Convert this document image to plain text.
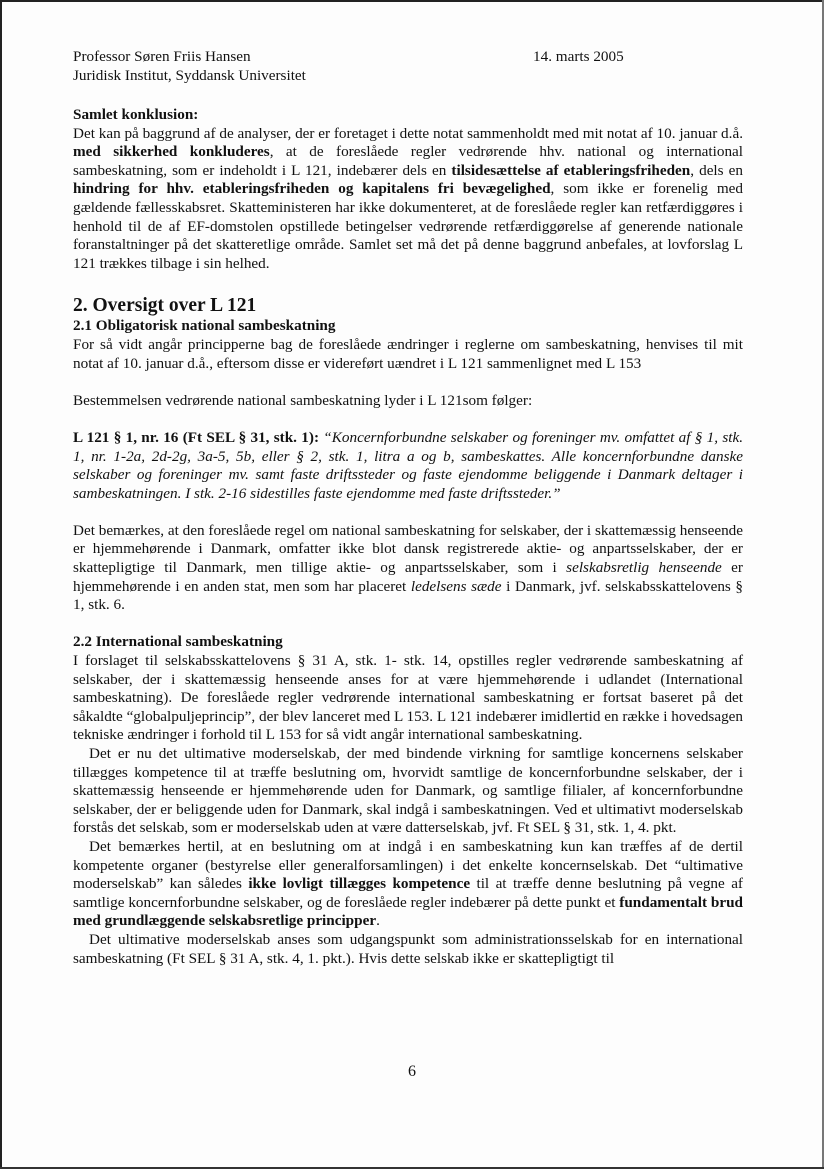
Professor Søren Friis Hansen
Juridisk Institut, Syddansk Universitet
14. marts 2005
Samlet konklusion:

Det kan på baggrund af de analyser, der er foretaget i dette notat sammenholdt med mit notat af 10. januar d.å. med sikkerhed konkluderes, at de foreslåede regler vedrørende hhv. national og international sambeskatning, som er indeholdt i L 121, indebærer dels en tilsidesættelse af etableringsfriheden, dels en hindring for hhv. etableringsfriheden og kapitalens fri bevægelighed, som ikke er forenelig med gældende fællesskabsret. Skatteministeren har ikke dokumenteret, at de foreslåede regler kan retfærdiggøres i henhold til de af EF-domstolen opstillede betingelser vedrørende retfærdiggørelse af generende nationale foranstaltninger på det skatteretlige område. Samlet set må det på denne baggrund anbefales, at lovforslag L 121 trækkes tilbage i sin helhed.

2. Oversigt over L 121
2.1 Obligatorisk national sambeskatning

For så vidt angår principperne bag de foreslåede ændringer i reglerne om sambeskatning, henvises til mit notat af 10. januar d.å., eftersom disse er videreført uændret i L 121 sammenlignet med L 153

Bestemmelsen vedrørende national sambeskatning lyder i L 121som følger:

L 121 § 1, nr. 16 (Ft SEL § 31, stk. 1): “Koncernforbundne selskaber og foreninger mv. omfattet af § 1, stk. 1, nr. 1-2a, 2d-2g, 3a-5, 5b, eller § 2, stk. 1, litra a og b, sambeskattes. Alle koncernforbundne danske selskaber og foreninger mv. samt faste driftssteder og faste ejendomme beliggende i Danmark deltager i sambeskatningen. I stk. 2-16 sidestilles faste ejendomme med faste driftssteder.”

Det bemærkes, at den foreslåede regel om national sambeskatning for selskaber, der i skattemæssig henseende er hjemmehørende i Danmark, omfatter ikke blot dansk registrerede aktie- og anpartsselskaber, der er skattepligtige til Danmark, men tillige aktie- og anpartsselskaber, som i selskabsretlig henseende er hjemmehørende i en anden stat, men som har placeret ledelsens sæde i Danmark, jvf. selskabsskattelovens § 1, stk. 6.

2.2 International sambeskatning

I forslaget til selskabsskattelovens § 31 A, stk. 1- stk. 14, opstilles regler vedrørende sambeskatning af selskaber, der i skattemæssig henseende anses for at være hjemmehørende i udlandet (International sambeskatning). De foreslåede regler vedrørende international sambeskatning er fortsat baseret på det såkaldte “globalpuljeprincip”, der blev lanceret med L 153. L 121 indebærer imidlertid en række i hovedsagen tekniske ændringer i forhold til L 153 for så vidt angår international sambeskatning.

Det er nu det ultimative moderselskab, der med bindende virkning for samtlige koncernens selskaber tillægges kompetence til at træffe beslutning om, hvorvidt samtlige de koncernforbundne selskaber, der i skattemæssig henseende er hjemmehørende uden for Danmark, og samtlige filialer, af koncernforbundne selskaber, der er beliggende uden for Danmark, skal indgå i sambeskatningen. Ved et ultimativt moderselskab forstås det selskab, som er moderselskab uden at være datterselskab, jvf. Ft SEL § 31, stk. 1, 4. pkt.

Det bemærkes hertil, at en beslutning om at indgå i en sambeskatning kun kan træffes af de dertil kompetente organer (bestyrelse eller generalforsamlingen) i det enkelte koncernselskab. Det “ultimative moderselskab” kan således ikke lovligt tillægges kompetence til at træffe denne beslutning på vegne af samtlige koncernforbundne selskaber, og de foreslåede regler indebærer på dette punkt et fundamentalt brud med grundlæggende selskabsretlige principper.

Det ultimative moderselskab anses som udgangspunkt som administrationsselskab for en international sambeskatning (Ft SEL § 31 A, stk. 4, 1. pkt.). Hvis dette selskab ikke er skattepligtigt til

6
